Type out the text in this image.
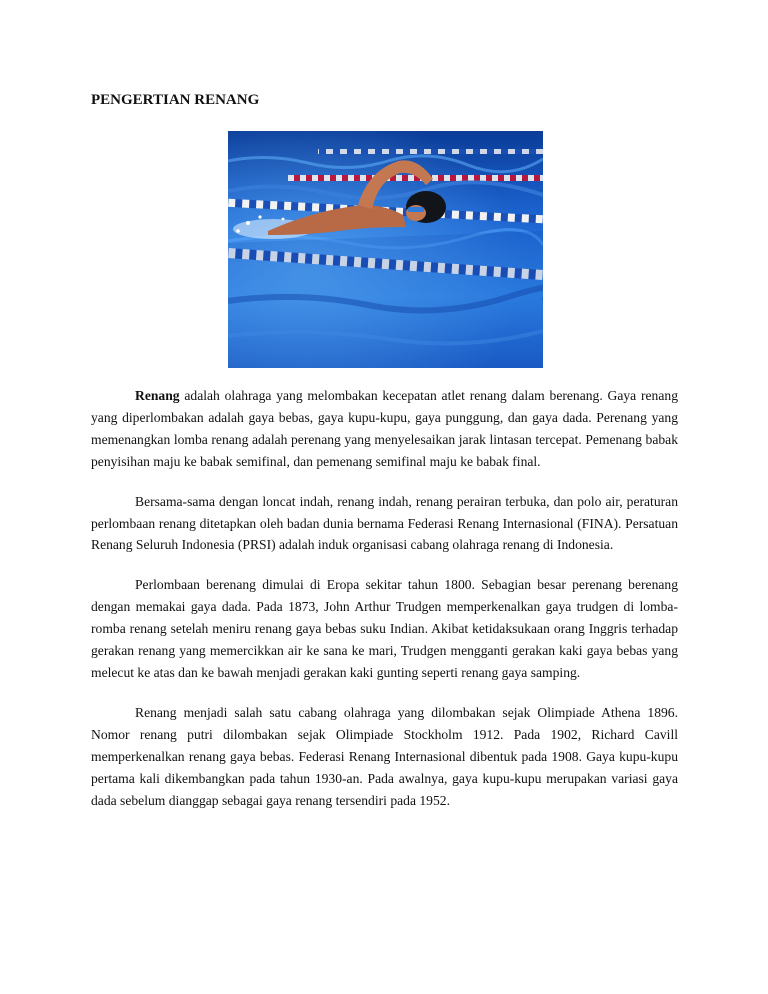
PENGERTIAN RENANG

Renang adalah olahraga yang melombakan kecepatan atlet renang dalam berenang. Gaya renang yang diperlombakan adalah gaya bebas, gaya kupu-kupu, gaya punggung, dan gaya dada. Perenang yang memenangkan lomba renang adalah perenang yang menyelesaikan jarak lintasan tercepat. Pemenang babak penyisihan maju ke babak semifinal, dan pemenang semifinal maju ke babak final.

Bersama-sama dengan loncat indah, renang indah, renang perairan terbuka, dan polo air, peraturan perlombaan renang ditetapkan oleh badan dunia bernama Federasi Renang Internasional (FINA). Persatuan Renang Seluruh Indonesia (PRSI) adalah induk organisasi cabang olahraga renang di Indonesia.

Perlombaan berenang dimulai di Eropa sekitar tahun 1800. Sebagian besar perenang berenang dengan memakai gaya dada. Pada 1873, John Arthur Trudgen memperkenalkan gaya trudgen di lomba-romba renang setelah meniru renang gaya bebas suku Indian. Akibat ketidaksukaan orang Inggris terhadap gerakan renang yang memercikkan air ke sana ke mari, Trudgen mengganti gerakan kaki gaya bebas yang melecut ke atas dan ke bawah menjadi gerakan kaki gunting seperti renang gaya samping.

Renang menjadi salah satu cabang olahraga yang dilombakan sejak Olimpiade Athena 1896. Nomor renang putri dilombakan sejak Olimpiade Stockholm 1912. Pada 1902, Richard Cavill memperkenalkan renang gaya bebas. Federasi Renang Internasional dibentuk pada 1908. Gaya kupu-kupu pertama kali dikembangkan pada tahun 1930-an. Pada awalnya, gaya kupu-kupu merupakan variasi gaya dada sebelum dianggap sebagai gaya renang tersendiri pada 1952.
